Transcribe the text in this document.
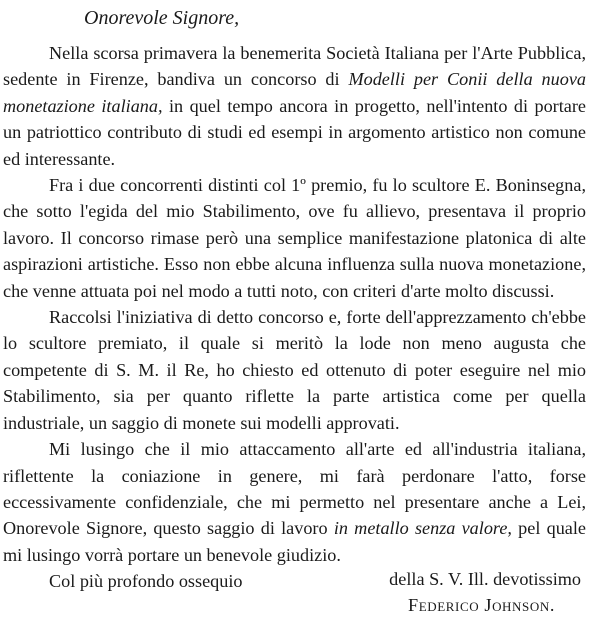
Onorevole Signore,

Nella scorsa primavera la benemerita Società Italiana per l'Arte Pubblica, sedente in Firenze, bandiva un concorso di Modelli per Conii della nuova monetazione italiana, in quel tempo ancora in progetto, nell'intento di portare un patriottico contributo di studi ed esempi in argomento artistico non comune ed interessante.

Fra i due concorrenti distinti col 1º premio, fu lo scultore E. Boninsegna, che sotto l'egida del mio Stabilimento, ove fu allievo, presentava il proprio lavoro. Il concorso rimase però una semplice manifestazione platonica di alte aspirazioni artistiche. Esso non ebbe alcuna influenza sulla nuova monetazione, che venne attuata poi nel modo a tutti noto, con criteri d'arte molto discussi.

Raccolsi l'iniziativa di detto concorso e, forte dell'apprezzamento ch'ebbe lo scultore premiato, il quale si meritò la lode non meno augusta che competente di S. M. il Re, ho chiesto ed ottenuto di poter eseguire nel mio Stabilimento, sia per quanto riflette la parte artistica come per quella industriale, un saggio di monete sui modelli approvati.

Mi lusingo che il mio attaccamento all'arte ed all'industria italiana, riflettente la coniazione in genere, mi farà perdonare l'atto, forse eccessivamente confidenziale, che mi permetto nel presentare anche a Lei, Onorevole Signore, questo saggio di lavoro in metallo senza valore, pel quale mi lusingo vorrà portare un benevole giudizio.

Col più profondo ossequio	della S. V. Ill. devotissimo
Federico Johnson.
